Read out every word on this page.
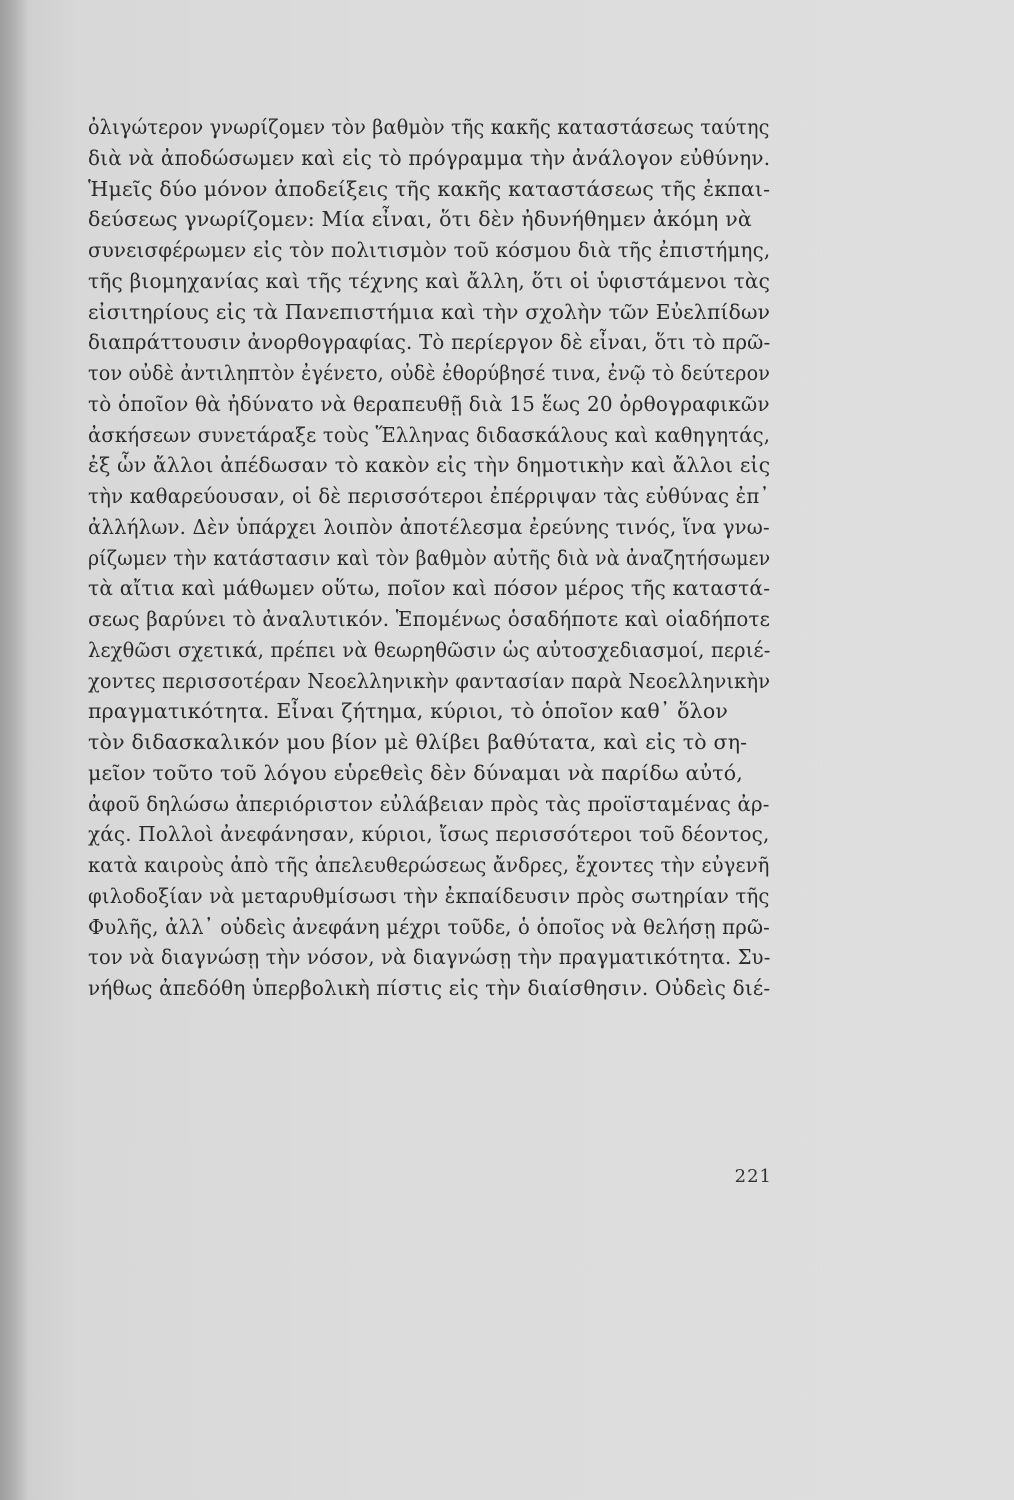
ὀλιγώτερον γνωρίζομεν τὸν βαθμὸν τῆς κακῆς καταστάσεως ταύτης
διὰ νὰ ἀποδώσωμεν καὶ εἰς τὸ πρόγραμμα τὴν ἀνάλογον εὐθύνην.
Ἡμεῖς δύο μόνον ἀποδείξεις τῆς κακῆς καταστάσεως τῆς ἐκπαι-
δεύσεως γνωρίζομεν: Μία εἶναι, ὅτι δὲν ἠδυνήθημεν ἀκόμη νὰ
συνεισφέρωμεν εἰς τὸν πολιτισμὸν τοῦ κόσμου διὰ τῆς ἐπιστήμης,
τῆς βιομηχανίας καὶ τῆς τέχνης καὶ ἄλλη, ὅτι οἱ ὑφιστάμενοι τὰς
εἰσιτηρίους εἰς τὰ Πανεπιστήμια καὶ τὴν σχολὴν τῶν Εὐελπίδων
διαπράττουσιν ἀνορθογραφίας. Τὸ περίεργον δὲ εἶναι, ὅτι τὸ πρῶ-
τον οὐδὲ ἀντιληπτὸν ἐγένετο, οὐδὲ ἐθορύβησέ τινα, ἐνῷ τὸ δεύτερον
τὸ ὁποῖον θὰ ἠδύνατο νὰ θεραπευθῇ διὰ 15 ἕως 20 ὀρθογραφικῶν
ἀσκήσεων συνετάραξε τοὺς Ἕλληνας διδασκάλους καὶ καθηγητάς,
ἐξ ὧν ἄλλοι ἀπέδωσαν τὸ κακὸν εἰς τὴν δημοτικὴν καὶ ἄλλοι εἰς
τὴν καθαρεύουσαν, οἱ δὲ περισσότεροι ἐπέρριψαν τὰς εὐθύνας ἐπ᾿
ἀλλήλων. Δὲν ὑπάρχει λοιπὸν ἀποτέλεσμα ἐρεύνης τινός, ἵνα γνω-
ρίζωμεν τὴν κατάστασιν καὶ τὸν βαθμὸν αὐτῆς διὰ νὰ ἀναζητήσωμεν
τὰ αἴτια καὶ μάθωμεν οὕτω, ποῖον καὶ πόσον μέρος τῆς καταστά-
σεως βαρύνει τὸ ἀναλυτικόν. Ἑπομένως ὁσαδήποτε καὶ οἱαδήποτε
λεχθῶσι σχετικά, πρέπει νὰ θεωρηθῶσιν ὡς αὐτοσχεδιασμοί, περιέ-
χοντες περισσοτέραν Νεοελληνικὴν φαντασίαν παρὰ Νεοελληνικὴν
πραγματικότητα. Εἶναι ζήτημα, κύριοι, τὸ ὁποῖον καθ᾿ ὅλον
τὸν διδασκαλικόν μου βίον μὲ θλίβει βαθύτατα, καὶ εἰς τὸ ση-
μεῖον τοῦτο τοῦ λόγου εὑρεθεὶς δὲν δύναμαι νὰ παρίδω αὐτό,
ἀφοῦ δηλώσω ἀπεριόριστον εὐλάβειαν πρὸς τὰς προϊσταμένας ἀρ-
χάς. Πολλοὶ ἀνεφάνησαν, κύριοι, ἴσως περισσότεροι τοῦ δέοντος,
κατὰ καιροὺς ἀπὸ τῆς ἀπελευθερώσεως ἄνδρες, ἔχοντες τὴν εὐγενῆ
φιλοδοξίαν νὰ μεταρυθμίσωσι τὴν ἐκπαίδευσιν πρὸς σωτηρίαν τῆς
Φυλῆς, ἀλλ᾿ οὐδεὶς ἀνεφάνη μέχρι τοῦδε, ὁ ὁποῖος νὰ θελήσῃ πρῶ-
τον νὰ διαγνώσῃ τὴν νόσον, νὰ διαγνώσῃ τὴν πραγματικότητα. Συ-
νήθως ἀπεδόθη ὑπερβολικὴ πίστις εἰς τὴν διαίσθησιν. Οὐδεὶς διέ-
221
